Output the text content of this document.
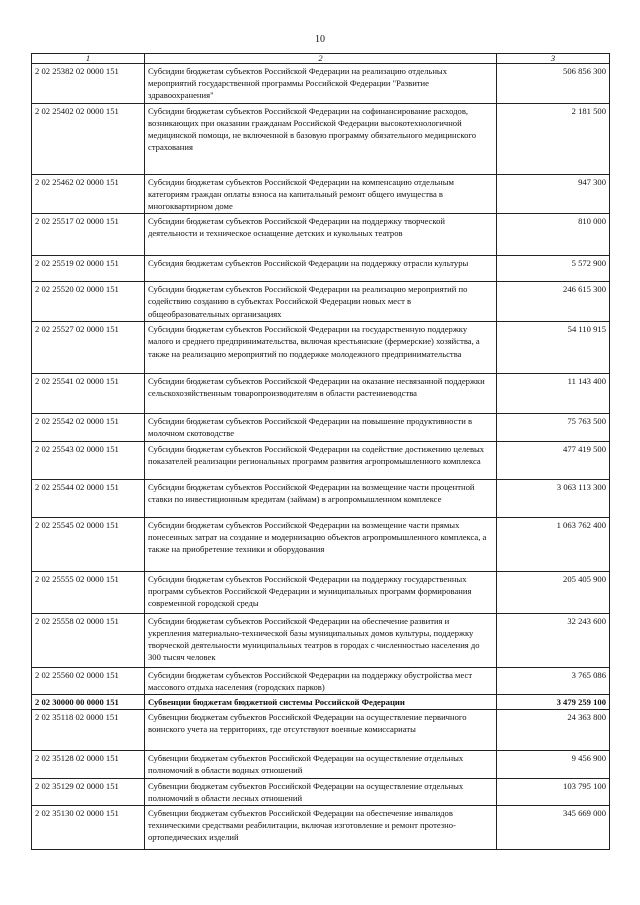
10
1	2	3
2 02 25382 02 0000 151	Субсидии бюджетам субъектов Российской Федерации на реализацию отдельных мероприятий государственной программы Российской Федерации "Развитие здравоохранения"	506 856 300
2 02 25402 02 0000 151	Субсидии бюджетам субъектов Российской Федерации на софинансирование расходов, возникающих при оказании гражданам Российской Федерации высокотехнологичной медицинской помощи, не включенной в базовую программу обязательного медицинского страхования	2 181 500
2 02 25462 02 0000 151	Субсидии бюджетам субъектов Российской Федерации на компенсацию отдельным категориям граждан оплаты взноса на капитальный ремонт общего имущества в многоквартирном доме	947 300
2 02 25517 02 0000 151	Субсидии бюджетам субъектов Российской Федерации на поддержку творческой деятельности и техническое оснащение детских и кукольных театров	810 000
2 02 25519 02 0000 151	Субсидия бюджетам субъектов Российской Федерации на поддержку отрасли культуры	5 572 900
2 02 25520 02 0000 151	Субсидии бюджетам субъектов Российской Федерации на реализацию мероприятий по содействию созданию в субъектах Российской Федерации новых мест в общеобразовательных организациях	246 615 300
2 02 25527 02 0000 151	Субсидии бюджетам субъектов Российской Федерации на государственную поддержку малого и среднего предпринимательства, включая крестьянские (фермерские) хозяйства, а также на реализацию мероприятий по поддержке молодежного предпринимательства	54 110 915
2 02 25541 02 0000 151	Субсидии бюджетам субъектов Российской Федерации на оказание несвязанной поддержки сельскохозяйственным товаропроизводителям в области растениеводства	11 143 400
2 02 25542 02 0000 151	Субсидии бюджетам субъектов Российской Федерации на повышение продуктивности в молочном скотоводстве	75 763 500
2 02 25543 02 0000 151	Субсидии бюджетам субъектов Российской Федерации на содействие достижению целевых показателей реализации региональных программ развития агропромышленного комплекса	477 419 500
2 02 25544 02 0000 151	Субсидии бюджетам субъектов Российской Федерации на возмещение части процентной ставки по инвестиционным кредитам (займам) в агропромышленном комплексе	3 063 113 300
2 02 25545 02 0000 151	Субсидии бюджетам субъектов Российской Федерации на возмещение части прямых понесенных затрат на создание и модернизацию объектов агропромышленного комплекса, а также на приобретение техники и оборудования	1 063 762 400
2 02 25555 02 0000 151	Субсидии бюджетам субъектов Российской Федерации на поддержку государственных программ субъектов Российской Федерации и муниципальных программ формирования современной городской среды	205 405 900
2 02 25558 02 0000 151	Субсидии бюджетам субъектов Российской Федерации на обеспечение развития и укрепления материально-технической базы муниципальных домов культуры, поддержку творческой деятельности муниципальных театров в городах с численностью населения до 300 тысяч человек	32 243 600
2 02 25560 02 0000 151	Субсидии бюджетам субъектов Российской Федерации на поддержку обустройства мест массового отдыха населения (городских парков)	3 765 086
2 02 30000 00 0000 151	Субвенции бюджетам бюджетной системы Российской Федерации	3 479 259 100
2 02 35118 02 0000 151	Субвенции бюджетам субъектов Российской Федерации на осуществление первичного воинского учета на территориях, где отсутствуют военные комиссариаты	24 363 800
2 02 35128 02 0000 151	Субвенции бюджетам субъектов Российской Федерации на осуществление отдельных полномочий в области водных отношений	9 456 900
2 02 35129 02 0000 151	Субвенции бюджетам субъектов Российской Федерации на осуществление отдельных полномочий в области лесных отношений	103 795 100
2 02 35130 02 0000 151	Субвенции бюджетам субъектов Российской Федерации на обеспечение инвалидов техническими средствами реабилитации, включая изготовление и ремонт протезно-ортопедических изделий	345 669 000
